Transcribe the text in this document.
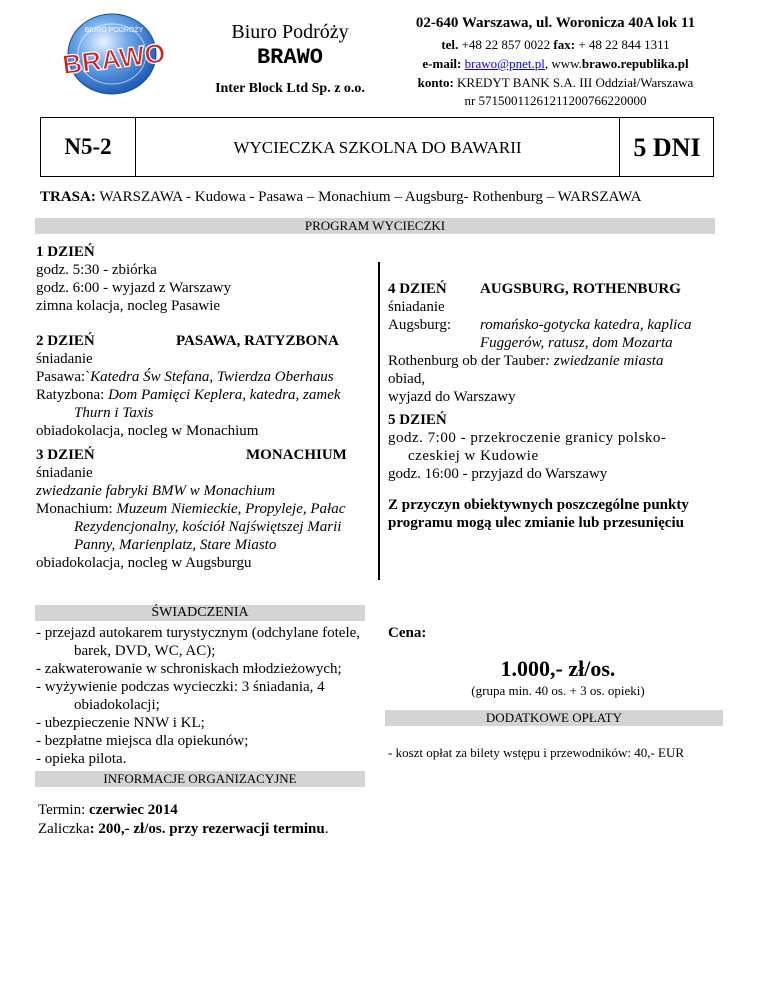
BIURO PODRÓŻY
BRAWO
Biuro Podróży
BRAWO
Inter Block Ltd Sp. z o.o.
02-640 Warszawa, ul. Woronicza 40A lok 11
tel. +48 22 857 0022 fax: + 48 22 844 1311
e-mail: brawo@pnet.pl, www.brawo.republika.pl
konto: KREDYT BANK S.A. III Oddział/Warszawa
nr 57150011261211200766220000
N5-2	WYCIECZKA SZKOLNA DO BAWARII	5 DNI
TRASA: WARSZAWA - Kudowa - Pasawa – Monachium – Augsburg- Rothenburg – WARSZAWA
PROGRAM WYCIECZKI
1 DZIEŃ
godz. 5:30 - zbiórka
godz. 6:00 - wyjazd z Warszawy
zimna kolacja, nocleg Pasawie
2 DZIEŃ	PASAWA, RATYZBONA
śniadanie
Pasawa:`Katedra Św Stefana, Twierdza Oberhaus
Ratyzbona: Dom Pamięci Keplera, katedra, zamek
Thurn i Taxis
obiadokolacja, nocleg w Monachium
3 DZIEŃ	MONACHIUM
śniadanie
zwiedzanie fabryki BMW w Monachium
Monachium: Muzeum Niemieckie, Propyleje, Pałac
Rezydencjonalny, kościół Najświętszej Marii
Panny, Marienplatz, Stare Miasto
obiadokolacja, nocleg w Augsburgu
4 DZIEŃ AUGSBURG, ROTHENBURG
śniadanie
Augsburg: romańsko-gotycka katedra, kaplica
Fuggerów, ratusz, dom Mozarta
Rothenburg ob der Tauber: zwiedzanie miasta
obiad,
wyjazd do Warszawy
5 DZIEŃ
godz. 7:00 - przekroczenie granicy polsko-
czeskiej w Kudowie
godz. 16:00 - przyjazd do Warszawy
Z przyczyn obiektywnych poszczególne punkty
programu mogą ulec zmianie lub przesunięciu
ŚWIADCZENIA
- przejazd autokarem turystycznym (odchylane fotele,
barek, DVD, WC, AC);
- zakwaterowanie w schroniskach młodzieżowych;
- wyżywienie podczas wycieczki: 3 śniadania, 4
obiadokolacji;
- ubezpieczenie NNW i KL;
- bezpłatne miejsca dla opiekunów;
- opieka pilota.
Cena:
1.000,- zł/os.
(grupa min. 40 os. + 3 os. opieki)
DODATKOWE OPŁATY
- koszt opłat za bilety wstępu i przewodników: 40,- EUR
INFORMACJE ORGANIZACYJNE
Termin: czerwiec 2014
Zaliczka: 200,- zł/os. przy rezerwacji terminu.
